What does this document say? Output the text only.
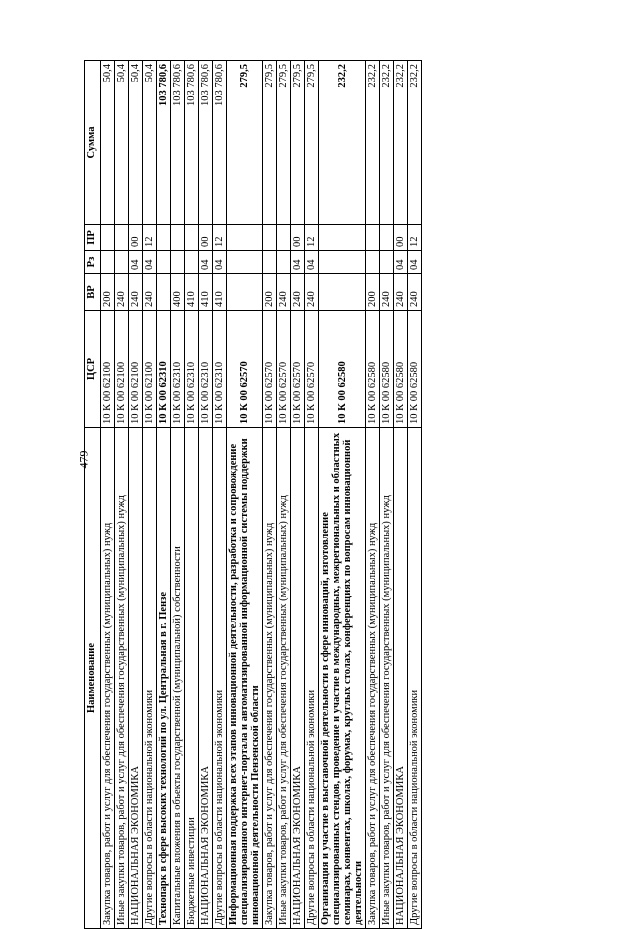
479
Наименование	ЦСР	ВР	Рз	ПР	Сумма
Закупка товаров, работ и услуг для обеспечения государственных (муниципальных) нужд	10 К 00 62100	200			50,4
Иные закупки товаров, работ и услуг для обеспечения государственных (муниципальных) нужд	10 К 00 62100	240			50,4
НАЦИОНАЛЬНАЯ ЭКОНОМИКА	10 К 00 62100	240	04	00	50,4
Другие вопросы в области национальной экономики	10 К 00 62100	240	04	12	50,4
Технопарк в сфере высоких технологий по ул. Центральная в г. Пензе	10 К 00 62310				103 780,6
Капитальные вложения в объекты государственной (муниципальной) собственности	10 К 00 62310	400			103 780,6
Бюджетные инвестиции	10 К 00 62310	410			103 780,6
НАЦИОНАЛЬНАЯ ЭКОНОМИКА	10 К 00 62310	410	04	00	103 780,6
Другие вопросы в области национальной экономики	10 К 00 62310	410	04	12	103 780,6
Информационная поддержка всех этапов инновационной деятельности, разработка и сопровождение специализированного интернет-портала и автоматизированной информационной системы поддержки инновационной деятельности Пензенской области	10 К 00 62570				279,5
Закупка товаров, работ и услуг для обеспечения государственных (муниципальных) нужд	10 К 00 62570	200			279,5
Иные закупки товаров, работ и услуг для обеспечения государственных (муниципальных) нужд	10 К 00 62570	240			279,5
НАЦИОНАЛЬНАЯ ЭКОНОМИКА	10 К 00 62570	240	04	00	279,5
Другие вопросы в области национальной экономики	10 К 00 62570	240	04	12	279,5
Организация и участие в выставочной деятельности в сфере инноваций, изготовление специализированных стендов, проведение и участие в международных, межрегиональных и областных семинарах, конвентах, школах, форумах, круглых столах, конференциях по вопросам инновационной деятельности	10 К 00 62580				232,2
Закупка товаров, работ и услуг для обеспечения государственных (муниципальных) нужд	10 К 00 62580	200			232,2
Иные закупки товаров, работ и услуг для обеспечения государственных (муниципальных) нужд	10 К 00 62580	240			232,2
НАЦИОНАЛЬНАЯ ЭКОНОМИКА	10 К 00 62580	240	04	00	232,2
Другие вопросы в области национальной экономики	10 К 00 62580	240	04	12	232,2
